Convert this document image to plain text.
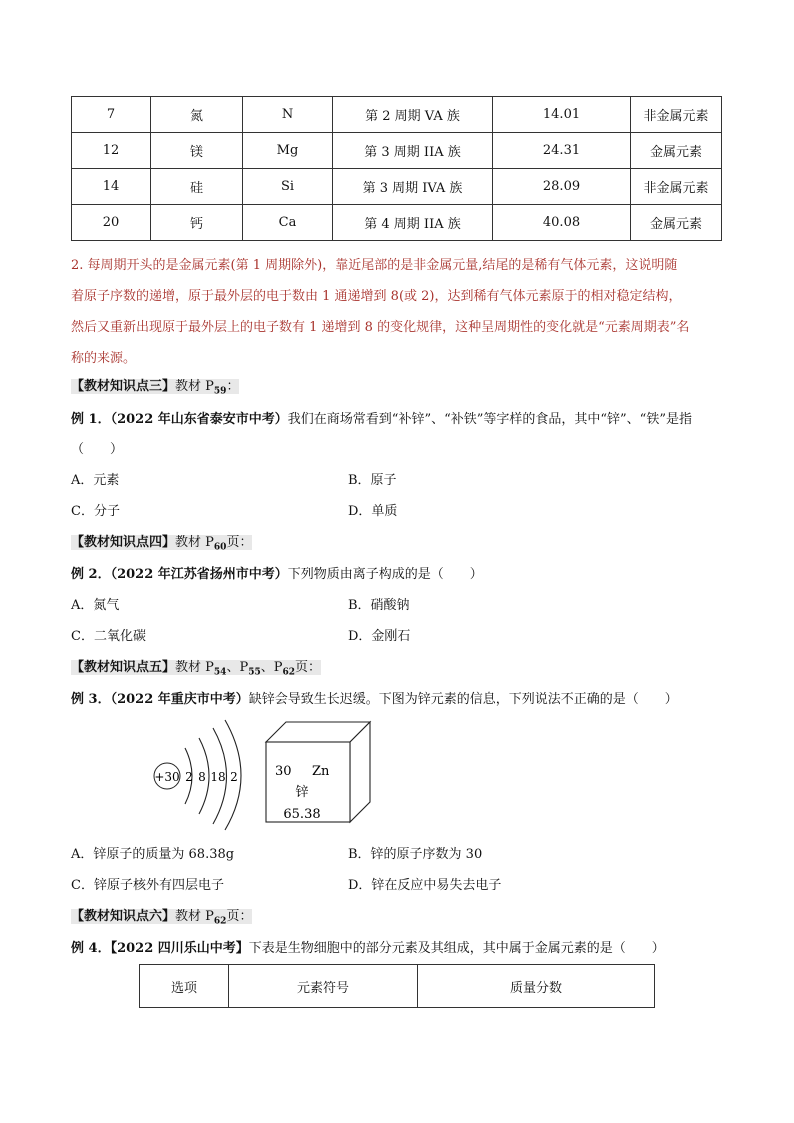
7	氮	N	第 2 周期 VA 族	14.01	非金属元素
12	镁	Mg	第 3 周期 IIA 族	24.31	金属元素
14	硅	Si	第 3 周期 IVA 族	28.09	非金属元素
20	钙	Ca	第 4 周期 IIA 族	40.08	金属元素
2. 每周期开头的是金属元素(第 1 周期除外)，靠近尾部的是非金属元量,结尾的是稀有气体元素，这说明随
着原子序数的递增，原于最外层的电于数由 1 通递增到 8(或 2)，达到稀有气体元素原于的相对稳定结构，
然后又重新出现原于最外层上的电子数有 1 递增到 8 的变化规律，这种呈周期性的变化就是“元素周期表”名
称的来源。
【教材知识点三】教材 $P_{59}$：
例 1．（2022 年山东省泰安市中考）我们在商场常看到“补锌”、“补铁”等字样的食品，其中“锌”、“铁”是指
（　　）
A．元素	B．原子
C．分子	D．单质
【教材知识点四】教材 $P_{60}$页：
例 2．（2022 年江苏省扬州市中考）下列物质由离子构成的是（　　）
A．氮气	B．硝酸钠
C．二氧化碳	D．金刚石
【教材知识点五】教材 $P_{54}$、$P_{55}$、$P_{62}$页：
例 3．（2022 年重庆市中考）缺锌会导致生长迟缓。下图为锌元素的信息，下列说法不正确的是（　　）
+30 2 8 18 2	30 Zn
锌
65.38
A．锌原子的质量为 68.38g	B．锌的原子序数为 30
C．锌原子核外有四层电子	D．锌在反应中易失去电子
【教材知识点六】教材 $P_{62}$页：
例 4．【2022 四川乐山中考】下表是生物细胞中的部分元素及其组成，其中属于金属元素的是（　　）
选项	元素符号	质量分数
